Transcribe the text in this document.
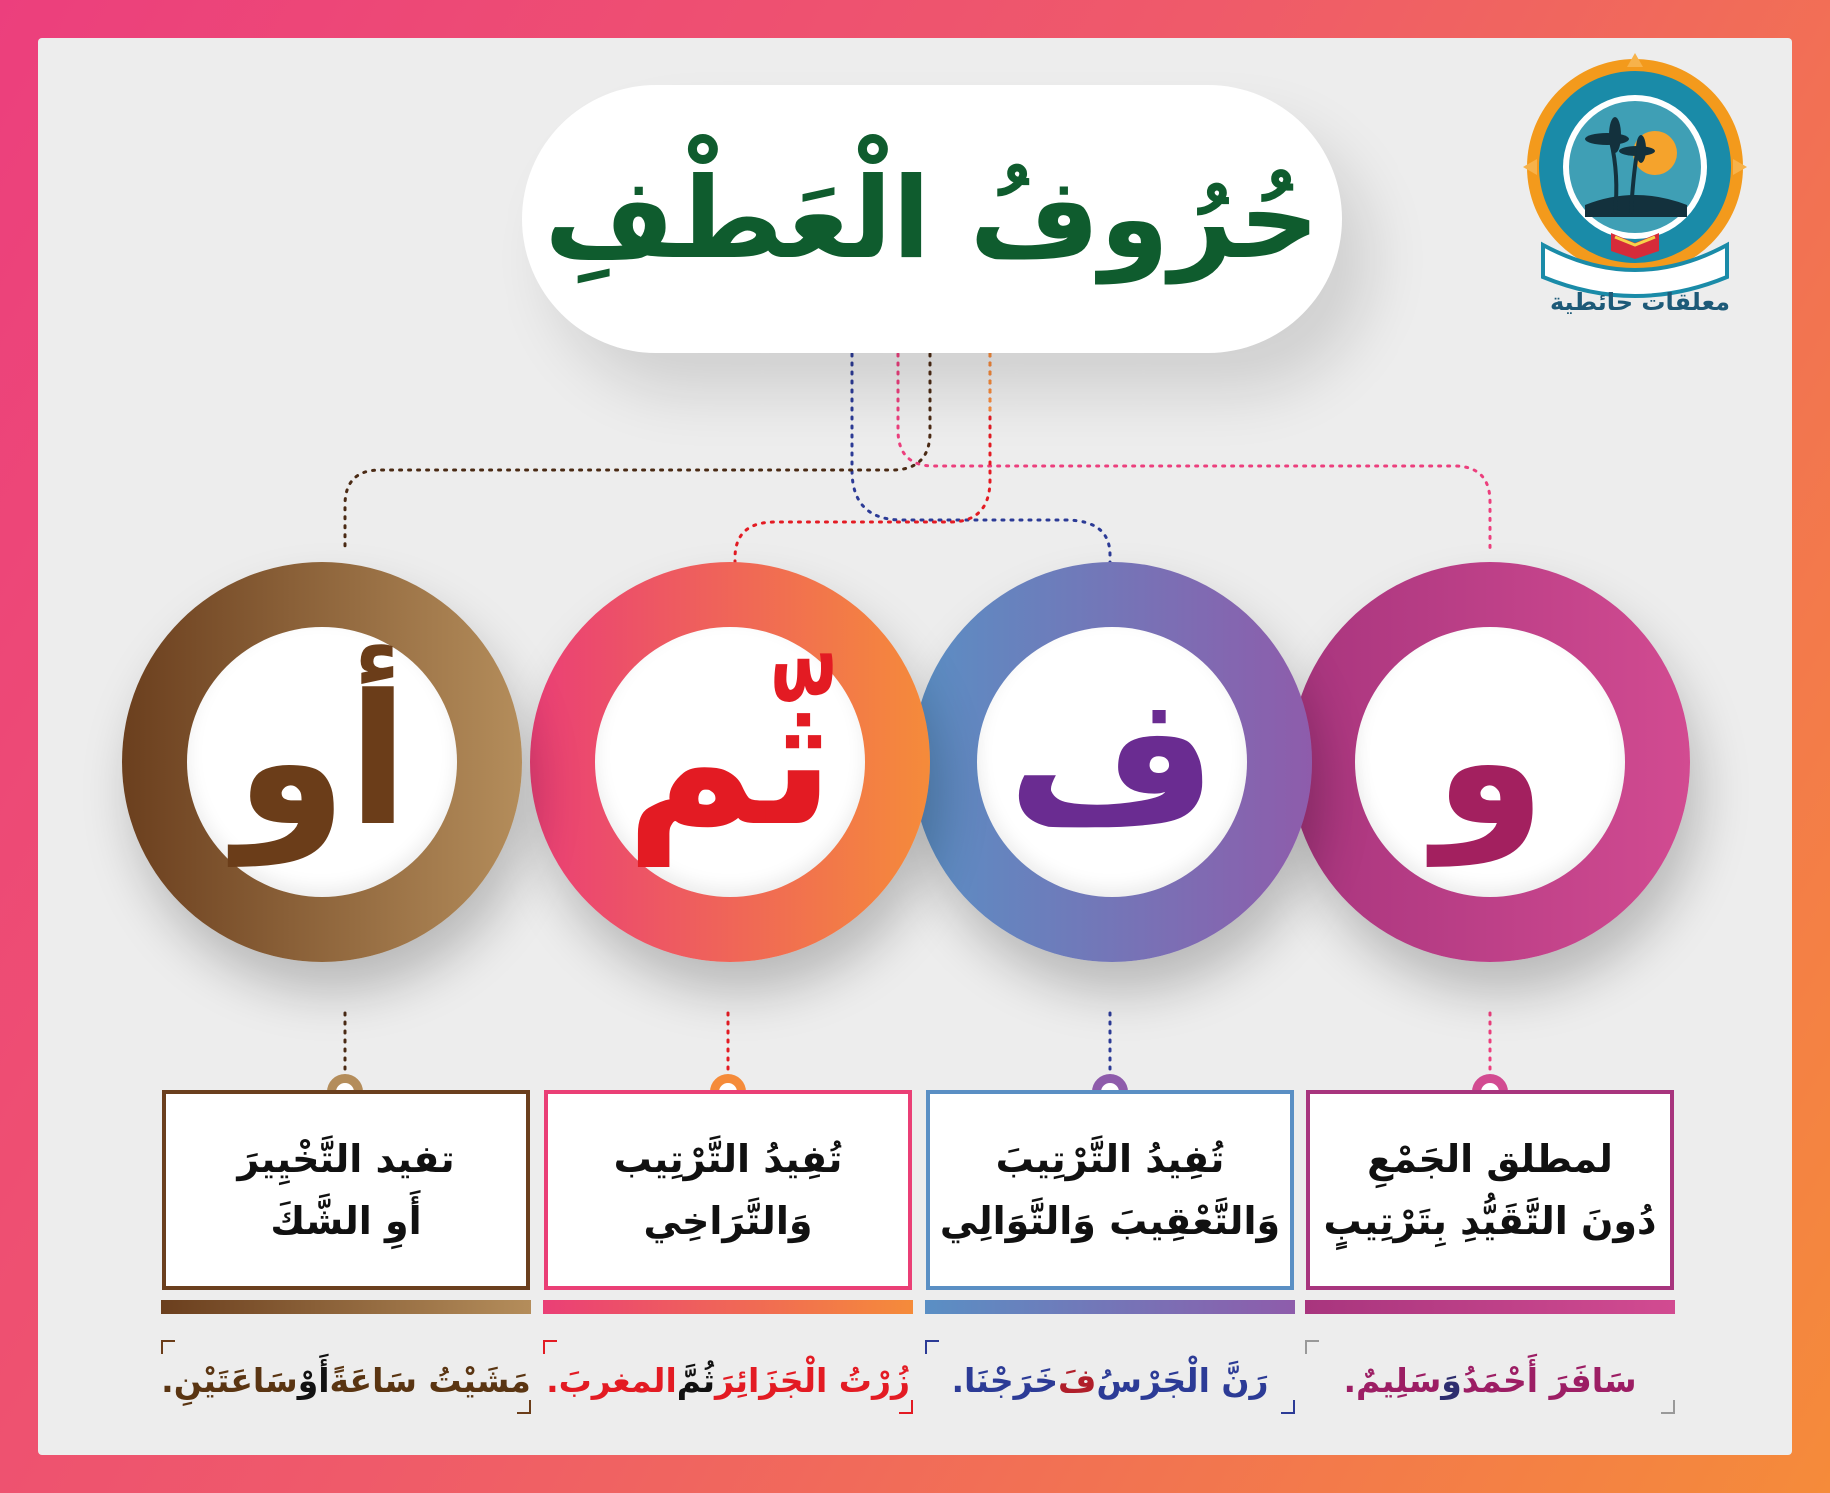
حُرُوفُ الْعَطْفِ
معلقات حائطية
و
ف
ثّم
أو
لمطلق الجَمْعِ
دُونَ التَّقَيُّدِ بِتَرْتِيبٍ
تُفِيدُ التَّرْتِيبَ
وَالتَّعْقِيبَ وَالتَّوَالِي
تُفِيدُ التَّرْتِيب
وَالتَّرَاخِي
تفيد التَّخْيِيرَ
أَوِ الشَّكَ
سَافَرَ أَحْمَدُ
وَ
سَلِيمٌ.
رَنَّ الْجَرْسُ
فَ
خَرَجْنَا.
زُرْتُ الْجَزَائِرَ
ثُمَّ
المغربَ.
مَشَيْتُ سَاعَةً
أَوْ
سَاعَتَيْنِ.
